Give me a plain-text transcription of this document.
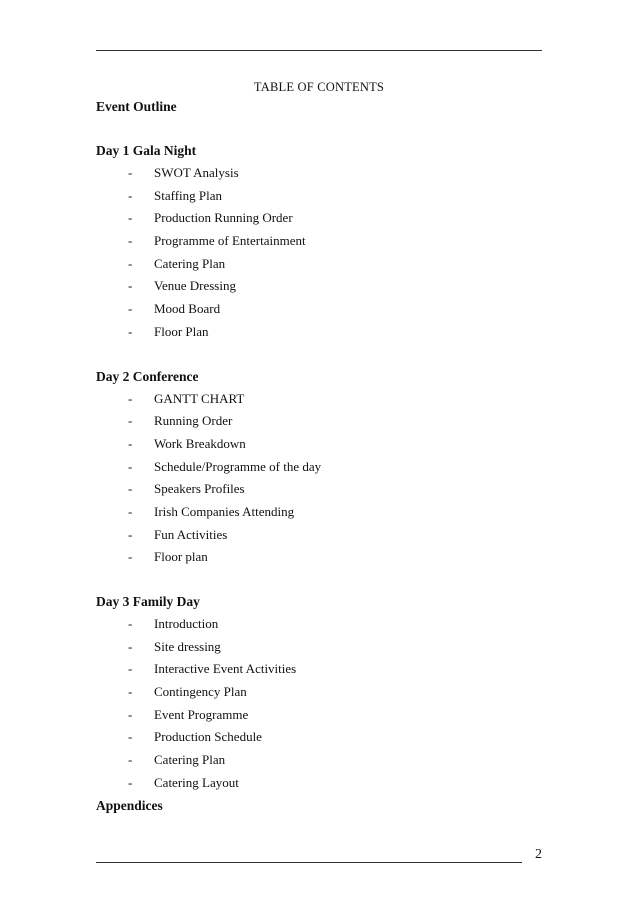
TABLE OF CONTENTS
Event Outline
Day 1 Gala Night
- SWOT Analysis
- Staffing Plan
- Production Running Order
- Programme of Entertainment
- Catering Plan
- Venue Dressing
- Mood Board
- Floor Plan
Day 2 Conference
- GANTT CHART
- Running Order
- Work Breakdown
- Schedule/Programme of the day
- Speakers Profiles
- Irish Companies Attending
- Fun Activities
- Floor plan
Day 3 Family Day
- Introduction
- Site dressing
- Interactive Event Activities
- Contingency Plan
- Event Programme
- Production Schedule
- Catering Plan
- Catering Layout
Appendices
2
